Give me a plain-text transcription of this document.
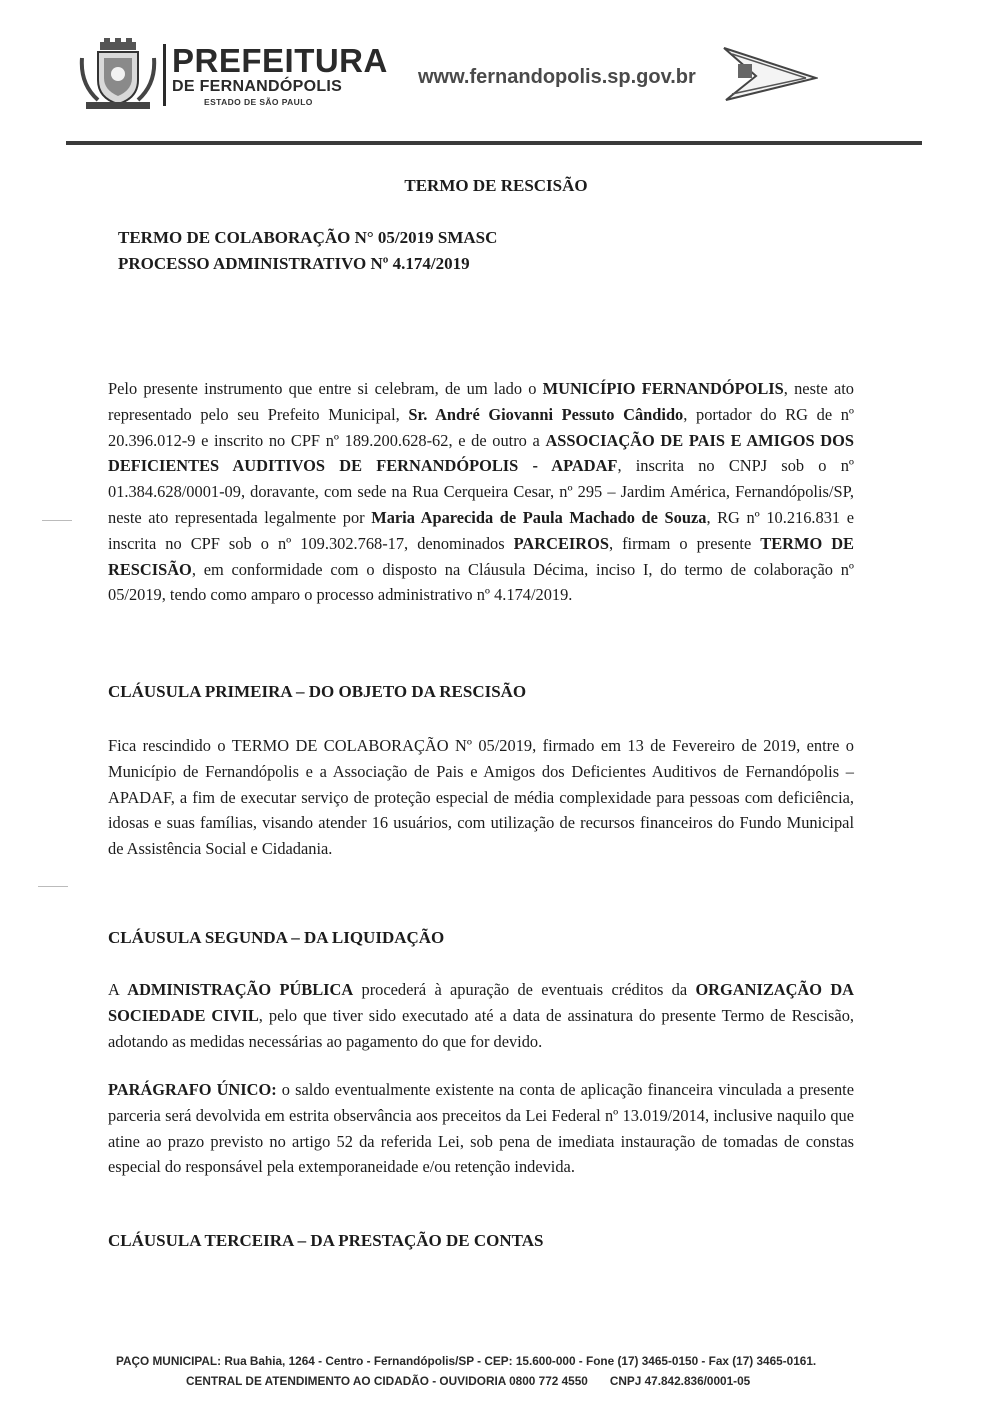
PREFEITURA
DE FERNANDÓPOLIS
ESTADO DE SÃO PAULO
www.fernandopolis.sp.gov.br
TERMO DE RESCISÃO
TERMO DE COLABORAÇÃO N° 05/2019 SMASC
PROCESSO ADMINISTRATIVO Nº 4.174/2019
Pelo presente instrumento que entre si celebram, de um lado o MUNICÍPIO FERNANDÓPOLIS, neste ato representado pelo seu Prefeito Municipal, Sr. André Giovanni Pessuto Cândido, portador do RG de nº 20.396.012-9 e inscrito no CPF nº 189.200.628-62, e de outro a ASSOCIAÇÃO DE PAIS E AMIGOS DOS DEFICIENTES AUDITIVOS DE FERNANDÓPOLIS - APADAF, inscrita no CNPJ sob o nº 01.384.628/0001-09, doravante, com sede na Rua Cerqueira Cesar, nº 295 – Jardim América, Fernandópolis/SP, neste ato representada legalmente por Maria Aparecida de Paula Machado de Souza, RG nº 10.216.831 e inscrita no CPF sob o nº 109.302.768-17, denominados PARCEIROS, firmam o presente TERMO DE RESCISÃO, em conformidade com o disposto na Cláusula Décima, inciso I, do termo de colaboração nº 05/2019, tendo como amparo o processo administrativo nº 4.174/2019.
CLÁUSULA PRIMEIRA – DO OBJETO DA RESCISÃO
Fica rescindido o TERMO DE COLABORAÇÃO Nº 05/2019, firmado em 13 de Fevereiro de 2019, entre o Município de Fernandópolis e a Associação de Pais e Amigos dos Deficientes Auditivos de Fernandópolis – APADAF, a fim de executar serviço de proteção especial de média complexidade para pessoas com deficiência, idosas e suas famílias, visando atender 16 usuários, com utilização de recursos financeiros do Fundo Municipal de Assistência Social e Cidadania.
CLÁUSULA SEGUNDA – DA LIQUIDAÇÃO
A ADMINISTRAÇÃO PÚBLICA procederá à apuração de eventuais créditos da ORGANIZAÇÃO DA SOCIEDADE CIVIL, pelo que tiver sido executado até a data de assinatura do presente Termo de Rescisão, adotando as medidas necessárias ao pagamento do que for devido.
PARÁGRAFO ÚNICO: o saldo eventualmente existente na conta de aplicação financeira vinculada a presente parceria será devolvida em estrita observância aos preceitos da Lei Federal nº 13.019/2014, inclusive naquilo que atine ao prazo previsto no artigo 52 da referida Lei, sob pena de imediata instauração de tomadas de constas especial do responsável pela extemporaneidade e/ou retenção indevida.
CLÁUSULA TERCEIRA – DA PRESTAÇÃO DE CONTAS
PAÇO MUNICIPAL: Rua Bahia, 1264 - Centro - Fernandópolis/SP - CEP: 15.600-000 - Fone (17) 3465-0150 - Fax (17) 3465-0161.
CENTRAL DE ATENDIMENTO AO CIDADÃO - OUVIDORIA 0800 772 4550 CNPJ 47.842.836/0001-05
